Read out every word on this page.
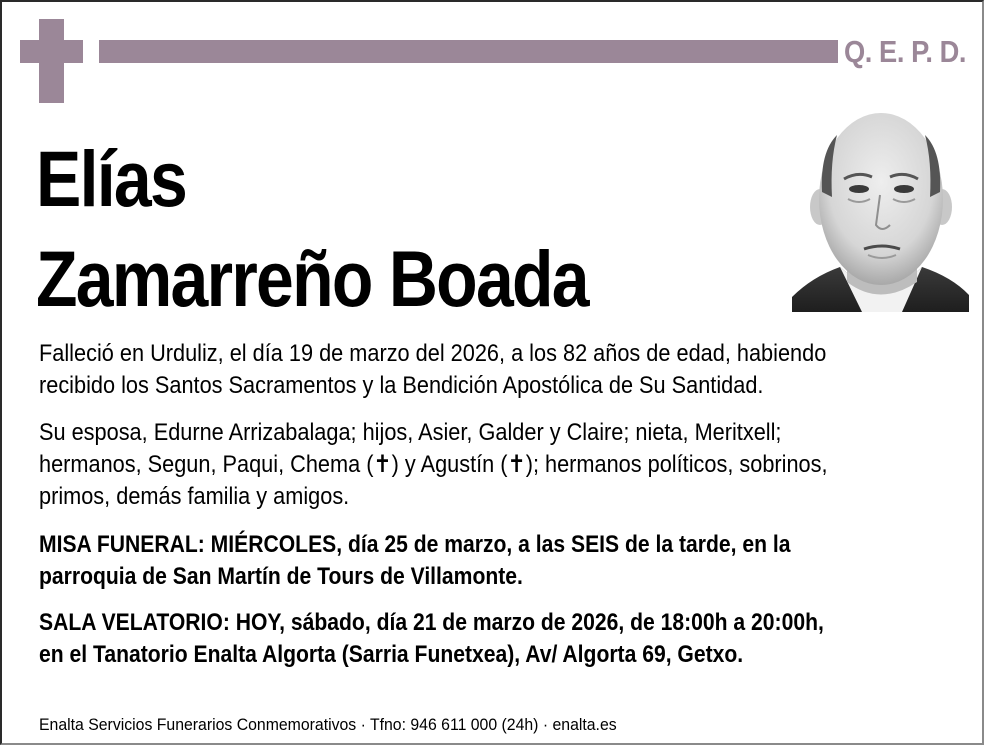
Q. E. P. D.
Elías
Zamarreño Boada
Falleció en Urduliz, el día 19 de marzo del 2026, a los 82 años de edad, habiendo
recibido los Santos Sacramentos y la Bendición Apostólica de Su Santidad.
Su esposa, Edurne Arrizabalaga; hijos, Asier, Galder y Claire; nieta, Meritxell;
hermanos, Segun, Paqui, Chema (✝) y Agustín (✝); hermanos políticos, sobrinos,
primos, demás familia y amigos.
MISA FUNERAL: MIÉRCOLES, día 25 de marzo, a las SEIS de la tarde, en la
parroquia de San Martín de Tours de Villamonte.
SALA VELATORIO: HOY, sábado, día 21 de marzo de 2026, de 18:00h a 20:00h,
en el Tanatorio Enalta Algorta (Sarria Funetxea), Av/ Algorta 69, Getxo.
Enalta Servicios Funerarios Conmemorativos · Tfno: 946 611 000 (24h) · enalta.es
